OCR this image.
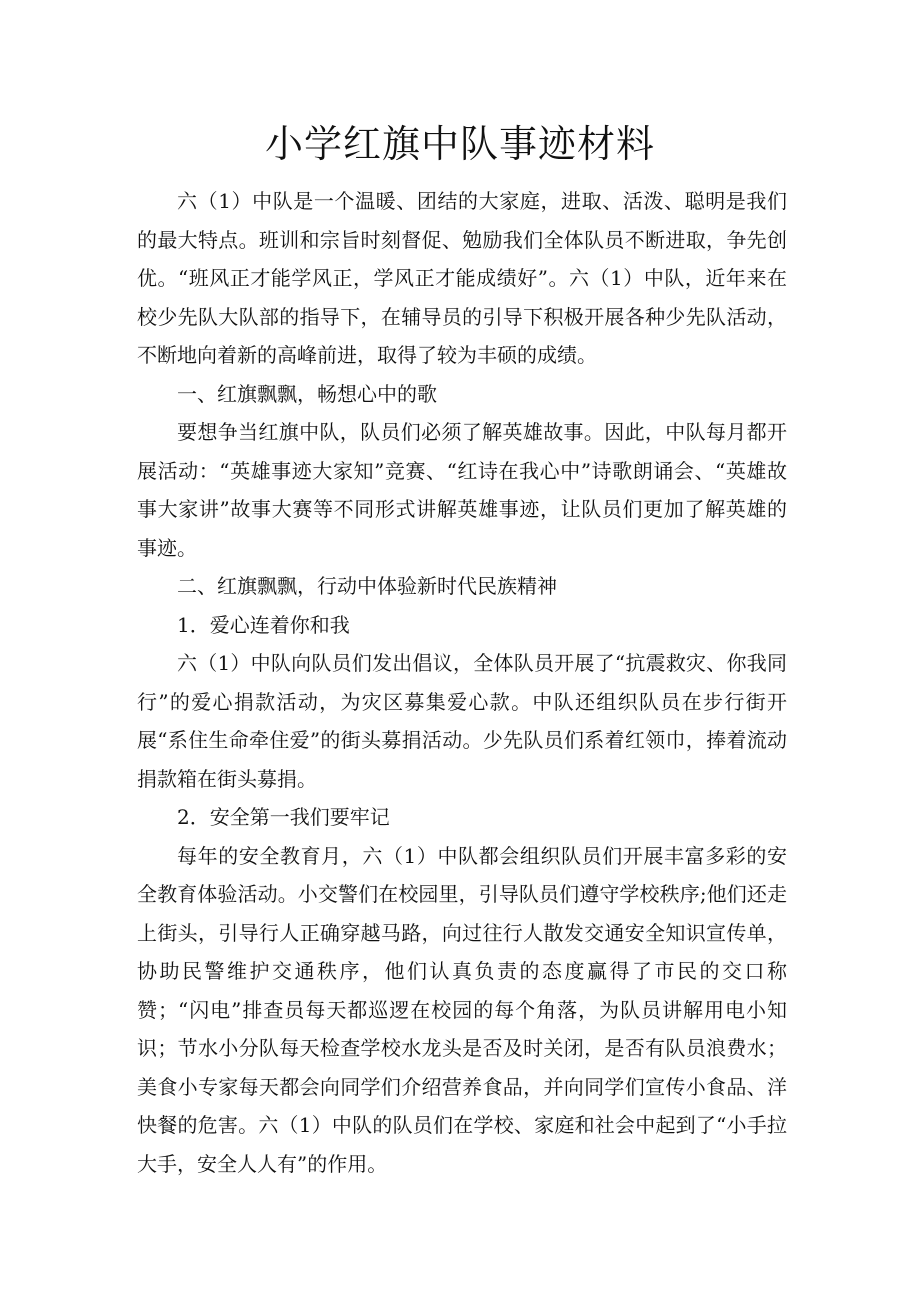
小学红旗中队事迹材料

六（1）中队是一个温暖、团结的大家庭，进取、活泼、聪明是我们的最大特点。班训和宗旨时刻督促、勉励我们全体队员不断进取，争先创优。“班风正才能学风正，学风正才能成绩好”。六（1）中队，近年来在校少先队大队部的指导下，在辅导员的引导下积极开展各种少先队活动，不断地向着新的高峰前进，取得了较为丰硕的成绩。

一、红旗飘飘，畅想心中的歌

要想争当红旗中队，队员们必须了解英雄故事。因此，中队每月都开展活动：“英雄事迹大家知”竞赛、“红诗在我心中”诗歌朗诵会、“英雄故事大家讲”故事大赛等不同形式讲解英雄事迹，让队员们更加了解英雄的事迹。

二、红旗飘飘，行动中体验新时代民族精神

1．爱心连着你和我

六（1）中队向队员们发出倡议，全体队员开展了“抗震救灾、你我同行”的爱心捐款活动，为灾区募集爱心款。中队还组织队员在步行街开展“系住生命牵住爱”的街头募捐活动。少先队员们系着红领巾，捧着流动捐款箱在街头募捐。

2．安全第一我们要牢记

每年的安全教育月，六（1）中队都会组织队员们开展丰富多彩的安全教育体验活动。小交警们在校园里，引导队员们遵守学校秩序;他们还走上街头，引导行人正确穿越马路，向过往行人散发交通安全知识宣传单，协助民警维护交通秩序，他们认真负责的态度赢得了市民的交口称赞；“闪电”排查员每天都巡逻在校园的每个角落，为队员讲解用电小知识；节水小分队每天检查学校水龙头是否及时关闭，是否有队员浪费水；美食小专家每天都会向同学们介绍营养食品，并向同学们宣传小食品、洋快餐的危害。六（1）中队的队员们在学校、家庭和社会中起到了“小手拉大手，安全人人有”的作用。
